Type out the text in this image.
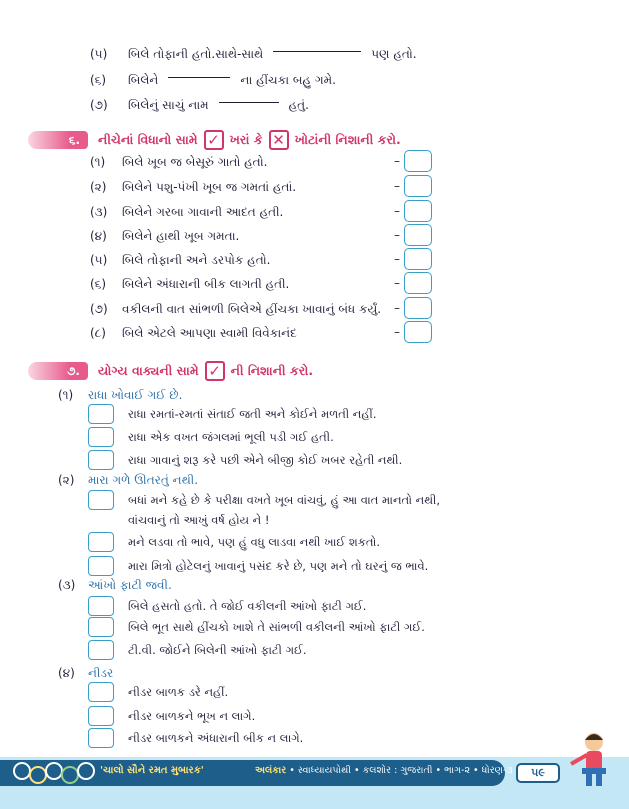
(૫)	બિલે તોફાની હતો.સાથે-સાથે	પણ હતો.
(૬)	બિલેને	ના હીંચકા બહુ ગમે.
(૭)	બિલેનું સાચું નામ	હતું.
૬.	નીચેનાં વિધાનો સામે ✓ ખરાં કે ✕ ખોટાંની નિશાની કરો.
(૧)	બિલે ખૂબ જ બેસૂરું ગાતો હતો.	–
(૨)	બિલેને પશુ-પંખી ખૂબ જ ગમતાં હતાં.	–
(૩)	બિલેને ગરબા ગાવાની આદત હતી.	–
(૪)	બિલેને હાથી ખૂબ ગમતા.	–
(૫)	બિલે તોફાની અને ડરપોક હતો.	–
(૬)	બિલેને અંધારાની બીક લાગતી હતી.	–
(૭)	વકીલની વાત સાંભળી બિલેએ હીંચકા ખાવાનું બંધ કર્યું.	–
(૮)	બિલે એટલે આપણા સ્વામી વિવેકાનંદ	–
૭.	યોગ્ય વાક્યની સામે ✓ ની નિશાની કરો.
(૧)	રાધા ખોવાઈ ગઈ છે.
રાધા રમતાં-રમતાં સંતાઈ જતી અને કોઈને મળતી નહીં.
રાધા એક વખત જંગલમાં ભૂલી પડી ગઈ હતી.
રાધા ગાવાનું શરૂ કરે પછી એને બીજી કોઈ ખબર રહેતી નથી.
(૨)	મારા ગળે ઊતરતું નથી.
બધાં મને કહે છે કે પરીક્ષા વખતે ખૂબ વાંચવું, હું આ વાત માનતો નથી,
વાંચવાનું તો આખું વર્ષ હોય ને !
મને લડવા તો ભાવે, પણ હું વધુ લાડવા નથી ખાઈ શકતો.
મારા મિત્રો હોટેલનું ખાવાનું પસંદ કરે છે, પણ મને તો ઘરનું જ ભાવે.
(૩)	આંખો ફાટી જવી.
બિલે હસતો હતો. તે જોઈ વકીલની આંખો ફાટી ગઈ.
બિલે ભૂત સાથે હીંચકો ખાશે તે સાંભળી વકીલની આંખો ફાટી ગઈ.
ટી.વી. જોઈને બિલેની આંખો ફાટી ગઈ.
(૪)	નીડર
નીડર બાળક ડરે નહીં.
નીડર બાળકને ભૂખ ન લાગે.
નીડર બાળકને અંધારાની બીક ન લાગે.
'ચાલો સૌને રમત મુબારક'	અલંકાર • સ્વાધ્યાયપોથી • કલશોર : ગુજરાતી • ભાગ-૨ • ધોરણ-૩	૫૯
